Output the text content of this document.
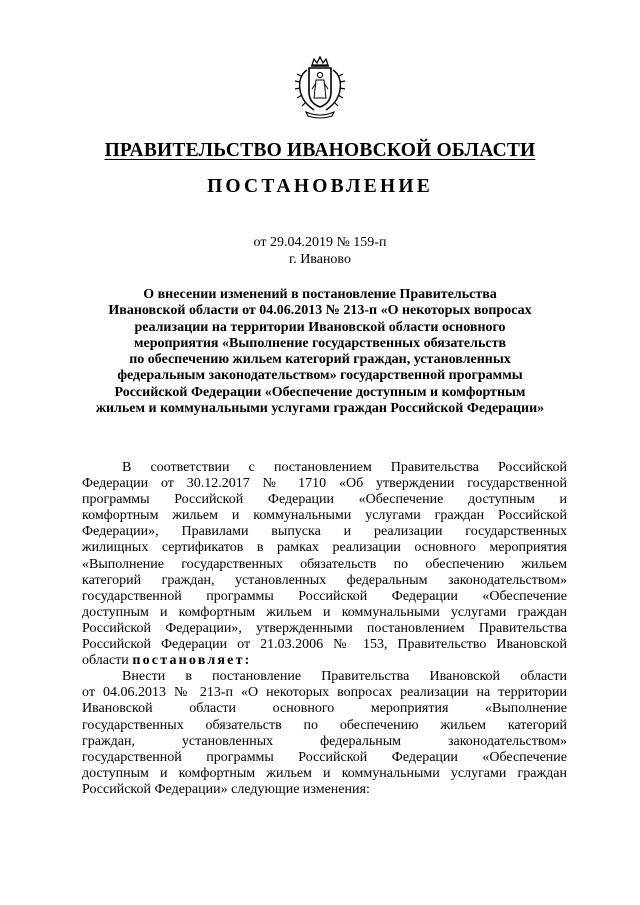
ПРАВИТЕЛЬСТВО ИВАНОВСКОЙ ОБЛАСТИ
ПОСТАНОВЛЕНИЕ
от 29.04.2019 № 159-п
г. Иваново
О внесении изменений в постановление Правительства
Ивановской области от 04.06.2013 № 213-п «О некоторых вопросах
реализации на территории Ивановской области основного
мероприятия «Выполнение государственных обязательств
по обеспечению жильем категорий граждан, установленных
федеральным законодательством» государственной программы
Российской Федерации «Обеспечение доступным и комфортным
жильем и коммунальными услугами граждан Российской Федерации»
В соответствии с постановлением Правительства Российской
Федерации от 30.12.2017 № 1710 «Об утверждении государственной
программы Российской Федерации «Обеспечение доступным и
комфортным жильем и коммунальными услугами граждан Российской
Федерации», Правилами выпуска и реализации государственных
жилищных сертификатов в рамках реализации основного мероприятия
«Выполнение государственных обязательств по обеспечению жильем
категорий граждан, установленных федеральным законодательством»
государственной программы Российской Федерации «Обеспечение
доступным и комфортным жильем и коммунальными услугами граждан
Российской Федерации», утвержденными постановлением Правительства
Российской Федерации от 21.03.2006 № 153, Правительство Ивановской
области постановляет:
Внести в постановление Правительства Ивановской области
от 04.06.2013 № 213-п «О некоторых вопросах реализации на территории
Ивановской области основного мероприятия «Выполнение
государственных обязательств по обеспечению жильем категорий
граждан, установленных федеральным законодательством»
государственной программы Российской Федерации «Обеспечение
доступным и комфортным жильем и коммунальными услугами граждан
Российской Федерации» следующие изменения:
